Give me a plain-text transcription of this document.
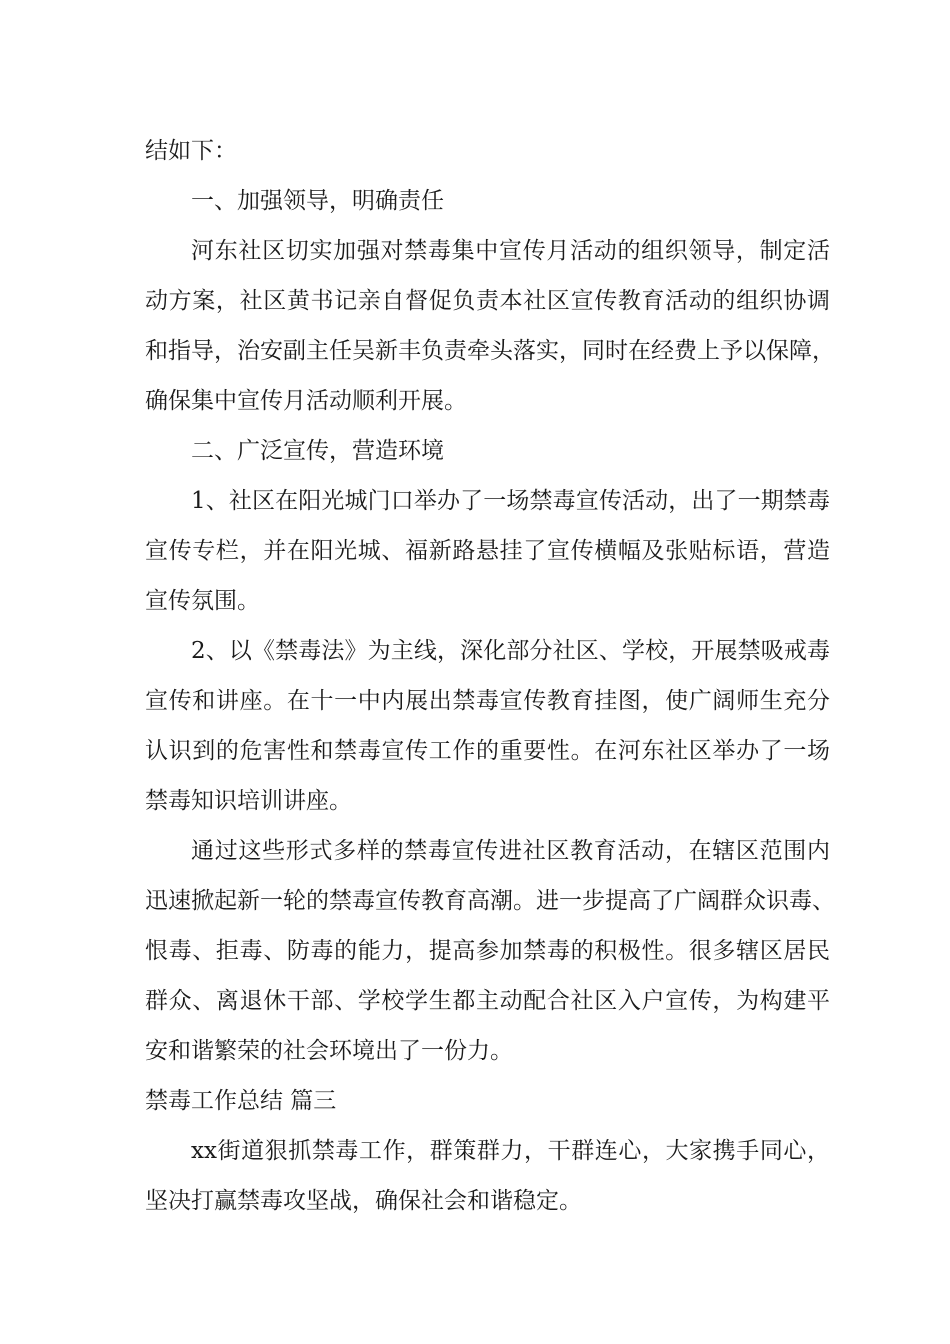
结如下：
一、加强领导，明确责任
河东社区切实加强对禁毒集中宣传月活动的组织领导，制定活
动方案，社区黄书记亲自督促负责本社区宣传教育活动的组织协调
和指导，治安副主任吴新丰负责牵头落实，同时在经费上予以保障，
确保集中宣传月活动顺利开展。
二、广泛宣传，营造环境
1、社区在阳光城门口举办了一场禁毒宣传活动，出了一期禁毒
宣传专栏，并在阳光城、福新路悬挂了宣传横幅及张贴标语，营造
宣传氛围。
2、以《禁毒法》为主线，深化部分社区、学校，开展禁吸戒毒
宣传和讲座。在十一中内展出禁毒宣传教育挂图，使广阔师生充分
认识到的危害性和禁毒宣传工作的重要性。在河东社区举办了一场
禁毒知识培训讲座。
通过这些形式多样的禁毒宣传进社区教育活动，在辖区范围内
迅速掀起新一轮的禁毒宣传教育高潮。进一步提高了广阔群众识毒、
恨毒、拒毒、防毒的能力，提高参加禁毒的积极性。很多辖区居民
群众、离退休干部、学校学生都主动配合社区入户宣传，为构建平
安和谐繁荣的社会环境出了一份力。
禁毒工作总结 篇三
xx街道狠抓禁毒工作，群策群力，干群连心，大家携手同心，
坚决打赢禁毒攻坚战，确保社会和谐稳定。
